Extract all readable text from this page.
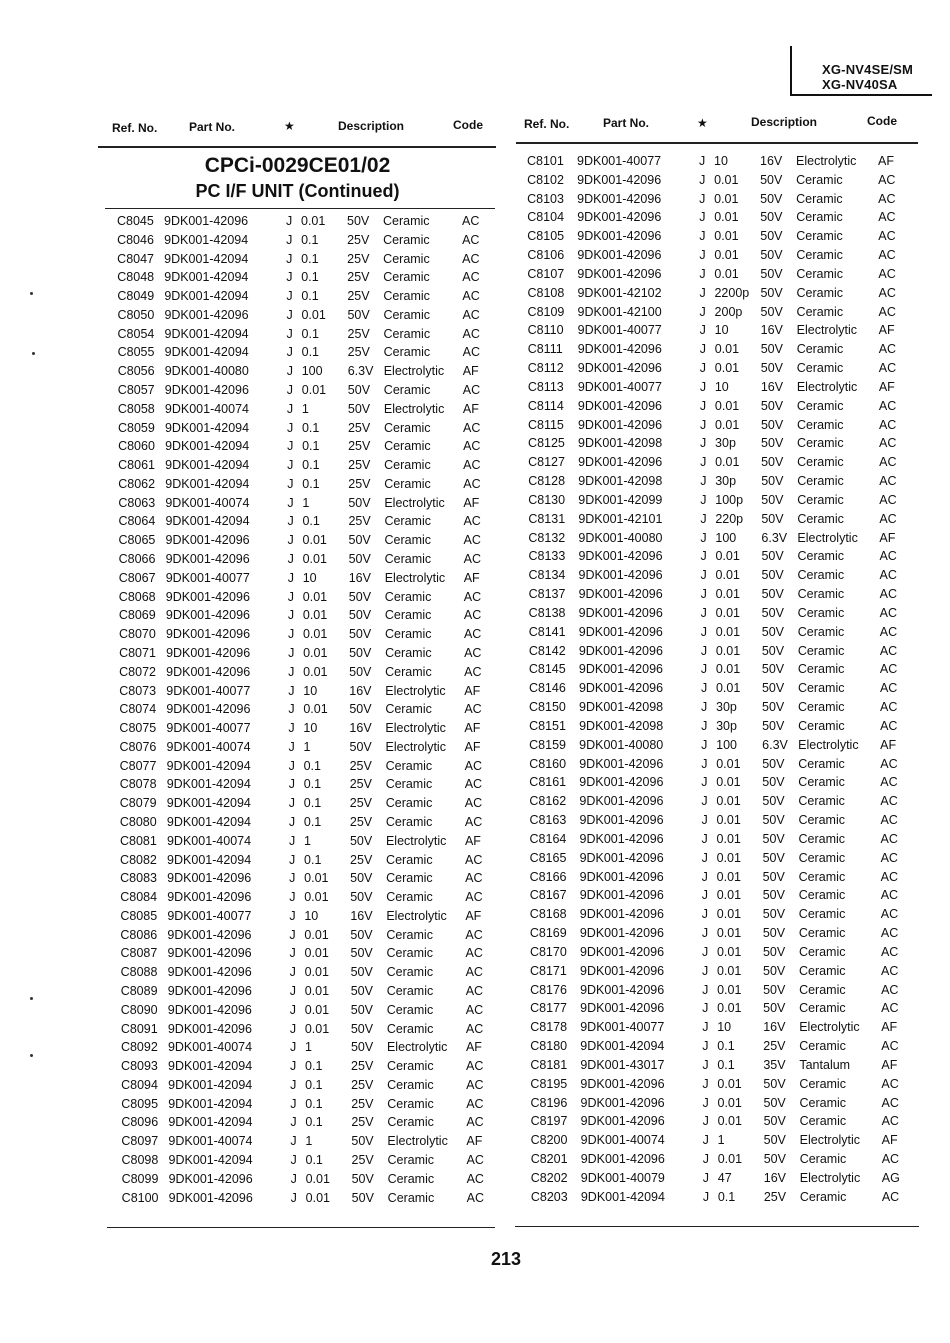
XG-NV4SE/SM
XG-NV40SA
Ref. No.	Part No.	★	Description	Code	Ref. No.	Part No.	★	Description	Code
CPCi-0029CE01/02
PC I/F UNIT (Continued)
C8045 9DK001-42096	J 0.01 50V Ceramic	AC
C8046 9DK001-42094	J 0.1 25V Ceramic	AC
C8047 9DK001-42094	J 0.1 25V Ceramic	AC
C8048 9DK001-42094	J 0.1 25V Ceramic	AC
C8049 9DK001-42094	J 0.1 25V Ceramic	AC
C8050 9DK001-42096	J 0.01 50V Ceramic	AC
C8054 9DK001-42094	J 0.1 25V Ceramic	AC
C8055 9DK001-42094	J 0.1 25V Ceramic	AC
C8056 9DK001-40080	J 100 6.3V Electrolytic AF
C8057 9DK001-42096	J 0.01 50V Ceramic	AC
C8058 9DK001-40074	J 1	50V Electrolytic AF
C8059 9DK001-42094	J 0.1 25V Ceramic	AC
C8060 9DK001-42094	J 0.1 25V Ceramic	AC
C8061 9DK001-42094	J 0.1 25V Ceramic	AC
C8062 9DK001-42094	J 0.1 25V Ceramic	AC
C8063 9DK001-40074	J 1	50V Electrolytic AF
C8064 9DK001-42094	J 0.1 25V Ceramic	AC
C8065 9DK001-42096	J 0.01 50V Ceramic	AC
C8066 9DK001-42096	J 0.01 50V Ceramic	AC
C8067 9DK001-40077	J 10	16V Electrolytic AF
C8068 9DK001-42096	J 0.01 50V Ceramic	AC
C8069 9DK001-42096	J 0.01 50V Ceramic	AC
C8070 9DK001-42096	J 0.01 50V Ceramic	AC
C8071 9DK001-42096	J 0.01 50V Ceramic	AC
C8072 9DK001-42096	J 0.01 50V Ceramic	AC
C8073 9DK001-40077	J 10	16V Electrolytic AF
C8074 9DK001-42096	J 0.01 50V Ceramic	AC
C8075 9DK001-40077	J 10	16V Electrolytic AF
C8076 9DK001-40074	J 1	50V Electrolytic AF
C8077 9DK001-42094	J 0.1 25V Ceramic	AC
C8078 9DK001-42094	J 0.1 25V Ceramic	AC
C8079 9DK001-42094	J 0.1 25V Ceramic	AC
C8080 9DK001-42094	J 0.1 25V Ceramic	AC
C8081 9DK001-40074	J 1	50V Electrolytic AF
C8082 9DK001-42094	J 0.1 25V Ceramic	AC
C8083 9DK001-42096	J 0.01 50V Ceramic	AC
C8084 9DK001-42096	J 0.01 50V Ceramic	AC
C8085 9DK001-40077	J 10	16V Electrolytic AF
C8086 9DK001-42096	J 0.01 50V Ceramic	AC
C8087 9DK001-42096	J 0.01 50V Ceramic	AC
C8088 9DK001-42096	J 0.01 50V Ceramic	AC
C8089 9DK001-42096	J 0.01 50V Ceramic	AC
C8090 9DK001-42096	J 0.01 50V Ceramic	AC
C8091 9DK001-42096	J 0.01 50V Ceramic	AC
C8092 9DK001-40074	J 1	50V Electrolytic AF
C8093 9DK001-42094	J 0.1 25V Ceramic	AC
C8094 9DK001-42094	J 0.1 25V Ceramic	AC
C8095 9DK001-42094	J 0.1 25V Ceramic	AC
C8096 9DK001-42094	J 0.1 25V Ceramic	AC
C8097 9DK001-40074	J 1	50V Electrolytic AF
C8098 9DK001-42094	J 0.1 25V Ceramic	AC
C8099 9DK001-42096	J 0.01 50V Ceramic	AC
C8100 9DK001-42096	J 0.01 50V Ceramic	AC
C8101 9DK001-40077	J 10	16V Electrolytic AF
C8102 9DK001-42096	J 0.01 50V Ceramic	AC
C8103 9DK001-42096	J 0.01 50V Ceramic	AC
C8104 9DK001-42096	J 0.01 50V Ceramic	AC
C8105 9DK001-42096	J 0.01 50V Ceramic	AC
C8106 9DK001-42096	J 0.01 50V Ceramic	AC
C8107 9DK001-42096	J 0.01 50V Ceramic	AC
C8108 9DK001-42102	J 2200p 50V Ceramic	AC
C8109 9DK001-42100	J 200p 50V Ceramic	AC
C8110 9DK001-40077	J 10	16V Electrolytic AF
C8111 9DK001-42096	J 0.01 50V Ceramic	AC
C8112 9DK001-42096	J 0.01 50V Ceramic	AC
C8113 9DK001-40077	J 10	16V Electrolytic AF
C8114 9DK001-42096	J 0.01 50V Ceramic	AC
C8115 9DK001-42096	J 0.01 50V Ceramic	AC
C8125 9DK001-42098	J 30p 50V Ceramic	AC
C8127 9DK001-42096	J 0.01 50V Ceramic	AC
C8128 9DK001-42098	J 30p 50V Ceramic	AC
C8130 9DK001-42099	J 100p 50V Ceramic	AC
C8131 9DK001-42101	J 220p 50V Ceramic	AC
C8132 9DK001-40080	J 100 6.3V Electrolytic AF
C8133 9DK001-42096	J 0.01 50V Ceramic	AC
C8134 9DK001-42096	J 0.01 50V Ceramic	AC
C8137 9DK001-42096	J 0.01 50V Ceramic	AC
C8138 9DK001-42096	J 0.01 50V Ceramic	AC
C8141 9DK001-42096	J 0.01 50V Ceramic	AC
C8142 9DK001-42096	J 0.01 50V Ceramic	AC
C8145 9DK001-42096	J 0.01 50V Ceramic	AC
C8146 9DK001-42096	J 0.01 50V Ceramic	AC
C8150 9DK001-42098	J 30p 50V Ceramic	AC
C8151 9DK001-42098	J 30p 50V Ceramic	AC
C8159 9DK001-40080	J 100 6.3V Electrolytic AF
C8160 9DK001-42096	J 0.01 50V Ceramic	AC
C8161 9DK001-42096	J 0.01 50V Ceramic	AC
C8162 9DK001-42096	J 0.01 50V Ceramic	AC
C8163 9DK001-42096	J 0.01 50V Ceramic	AC
C8164 9DK001-42096	J 0.01 50V Ceramic	AC
C8165 9DK001-42096	J 0.01 50V Ceramic	AC
C8166 9DK001-42096	J 0.01 50V Ceramic	AC
C8167 9DK001-42096	J 0.01 50V Ceramic	AC
C8168 9DK001-42096	J 0.01 50V Ceramic	AC
C8169 9DK001-42096	J 0.01 50V Ceramic	AC
C8170 9DK001-42096	J 0.01 50V Ceramic	AC
C8171 9DK001-42096	J 0.01 50V Ceramic	AC
C8176 9DK001-42096	J 0.01 50V Ceramic	AC
C8177 9DK001-42096	J 0.01 50V Ceramic	AC
C8178 9DK001-40077	J 10	16V Electrolytic AF
C8180 9DK001-42094	J 0.1 25V Ceramic	AC
C8181 9DK001-43017	J 0.1 35V Tantalum	AF
C8195 9DK001-42096	J 0.01 50V Ceramic	AC
C8196 9DK001-42096	J 0.01 50V Ceramic	AC
C8197 9DK001-42096	J 0.01 50V Ceramic	AC
C8200 9DK001-40074	J 1	50V Electrolytic AF
C8201 9DK001-42096	J 0.01 50V Ceramic	AC
C8202 9DK001-40079	J 47	16V Electrolytic AG
C8203 9DK001-42094	J 0.1 25V Ceramic	AC
213
